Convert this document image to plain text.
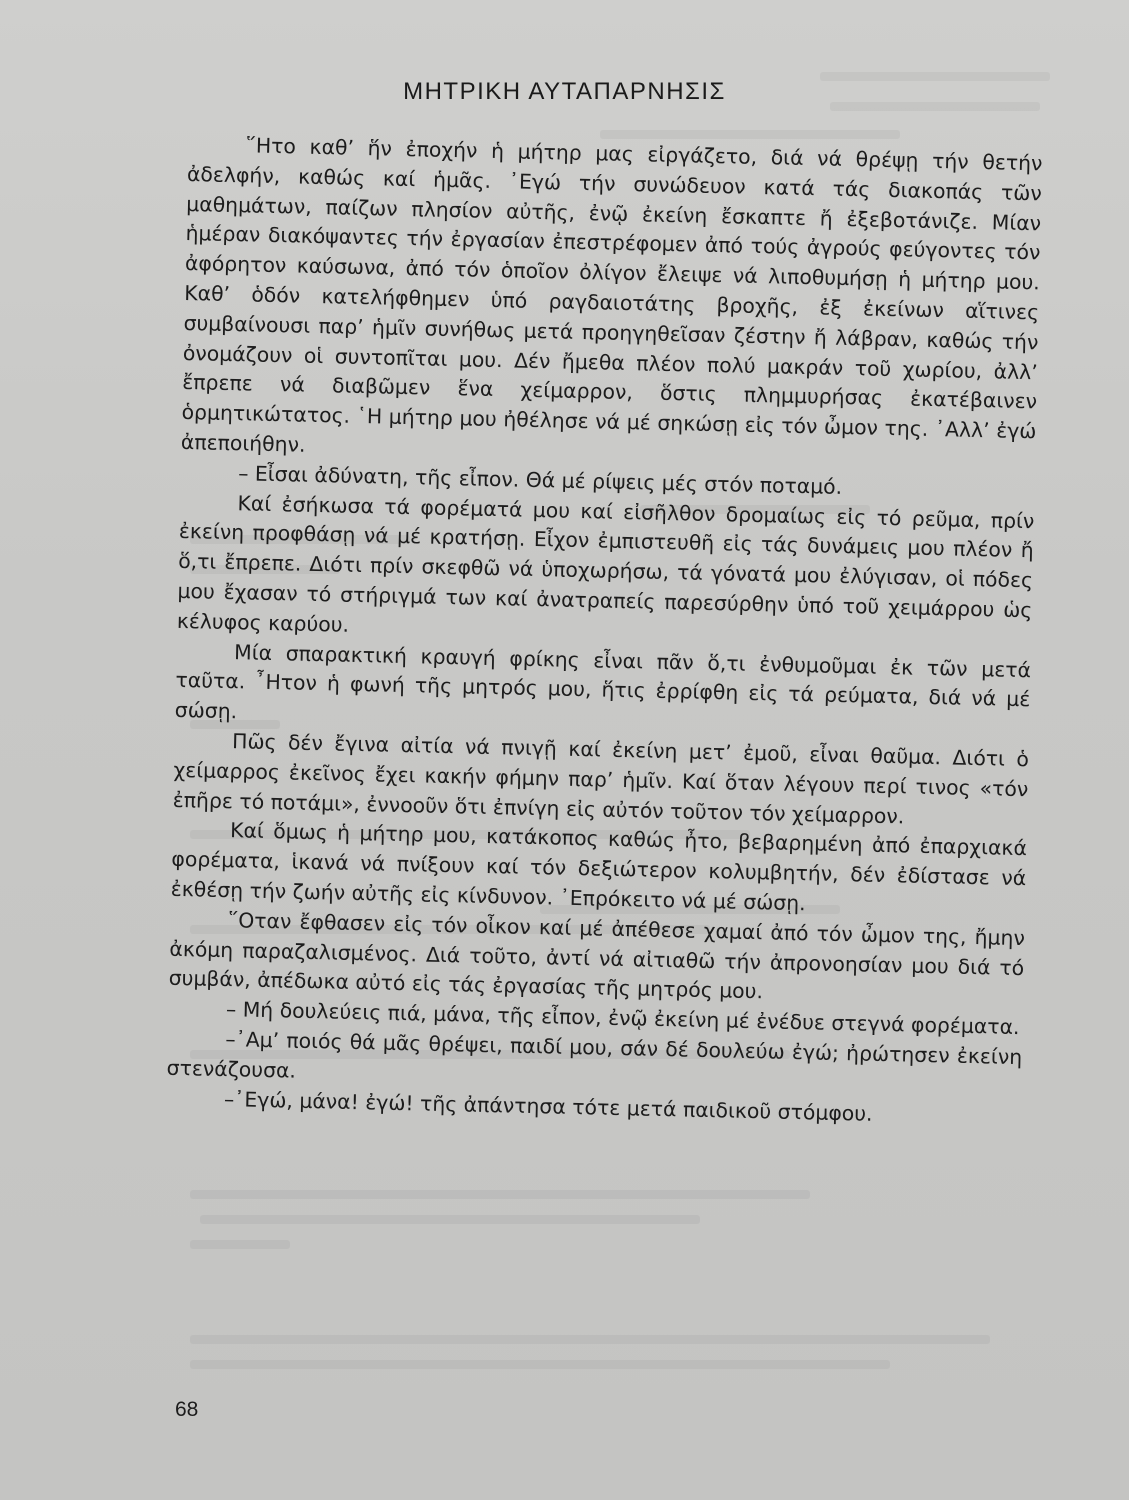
ΜΗΤΡΙΚΗ ΑΥΤΑΠΑΡΝΗΣΙΣ

῞Ητο καθ’ ἥν ἐποχήν ἡ μήτηρ μας εἰργάζετο, διά νά θρέψῃ τήν θετήν ἀδελφήν, καθώς καί ἡμᾶς. ᾿Εγώ τήν συνώδευον κατά τάς διακοπάς τῶν μαθημάτων, παίζων πλησίον αὐτῆς, ἐνῷ ἐκείνη ἔσκαπτε ἤ ἐξεβοτάνιζε. Μίαν ἡμέραν διακόψαντες τήν ἐργασίαν ἐπεστρέφομεν ἀπό τούς ἀγρούς φεύγοντες τόν ἀφόρητον καύσωνα, ἀπό τόν ὁποῖον ὀλίγον ἔλειψε νά λιποθυμήσῃ ἡ μήτηρ μου. Καθ’ ὁδόν κατελήφθημεν ὑπό ραγδαιοτάτης βροχῆς, ἐξ ἐκείνων αἵτινες συμβαίνουσι παρ’ ἡμῖν συνήθως μετά προηγηθεῖσαν ζέστην ἤ λάβραν, καθώς τήν ὀνομάζουν οἱ συντοπῖται μου. Δέν ἤμεθα πλέον πολύ μακράν τοῦ χωρίου, ἀλλ’ ἔπρεπε νά διαβῶμεν ἕνα χείμαρρον, ὅστις πλημμυρήσας ἐκατέβαινεν ὁρμητικώτατος. ῾Η μήτηρ μου ἠθέλησε νά μέ σηκώσῃ εἰς τόν ὦμον της. ᾿Αλλ’ ἐγώ ἀπεποιήθην.

– Εἶσαι ἀδύνατη, τῆς εἶπον. Θά μέ ρίψεις μές στόν ποταμό.

Καί ἐσήκωσα τά φορέματά μου καί εἰσῆλθον δρομαίως εἰς τό ρεῦμα, πρίν ἐκείνη προφθάσῃ νά μέ κρατήσῃ. Εἶχον ἐμπιστευθῆ εἰς τάς δυνάμεις μου πλέον ἤ ὅ,τι ἔπρεπε. Διότι πρίν σκεφθῶ νά ὑποχωρήσω, τά γόνατά μου ἐλύγισαν, οἱ πόδες μου ἔχασαν τό στήριγμά των καί ἀνατραπείς παρεσύρθην ὑπό τοῦ χειμάρρου ὡς κέλυφος καρύου.

Μία σπαρακτική κραυγή φρίκης εἶναι πᾶν ὅ,τι ἐνθυμοῦμαι ἐκ τῶν μετά ταῦτα. ῏Ητον ἡ φωνή τῆς μητρός μου, ἥτις ἐρρίφθη εἰς τά ρεύματα, διά νά μέ σώσῃ.

Πῶς δέν ἔγινα αἰτία νά πνιγῇ καί ἐκείνη μετ’ ἐμοῦ, εἶναι θαῦμα. Διότι ὁ χείμαρρος ἐκεῖνος ἔχει κακήν φήμην παρ’ ἡμῖν. Καί ὅταν λέγουν περί τινος «τόν ἐπῆρε τό ποτάμι», ἐννοοῦν ὅτι ἐπνίγη εἰς αὐτόν τοῦτον τόν χείμαρρον.

Καί ὅμως ἡ μήτηρ μου, κατάκοπος καθώς ἦτο, βεβαρημένη ἀπό ἐπαρχιακά φορέματα, ἱκανά νά πνίξουν καί τόν δεξιώτερον κολυμβητήν, δέν ἐδίστασε νά ἐκθέσῃ τήν ζωήν αὐτῆς εἰς κίνδυνον. ᾿Επρόκειτο νά μέ σώσῃ.

῞Οταν ἔφθασεν εἰς τόν οἶκον καί μέ ἀπέθεσε χαμαί ἀπό τόν ὦμον της, ἤμην ἀκόμη παραζαλισμένος. Διά τοῦτο, ἀντί νά αἰτιαθῶ τήν ἀπρονοησίαν μου διά τό συμβάν, ἀπέδωκα αὐτό εἰς τάς ἐργασίας τῆς μητρός μου.

– Μή δουλεύεις πιά, μάνα, τῆς εἶπον, ἐνῷ ἐκείνη μέ ἐνέδυε στεγνά φορέματα.

–᾿Αμ’ ποιός θά μᾶς θρέψει, παιδί μου, σάν δέ δουλεύω ἐγώ; ἠρώτησεν ἐκείνη στενάζουσα.

–᾿Εγώ, μάνα! ἐγώ! τῆς ἀπάντησα τότε μετά παιδικοῦ στόμφου.

68
